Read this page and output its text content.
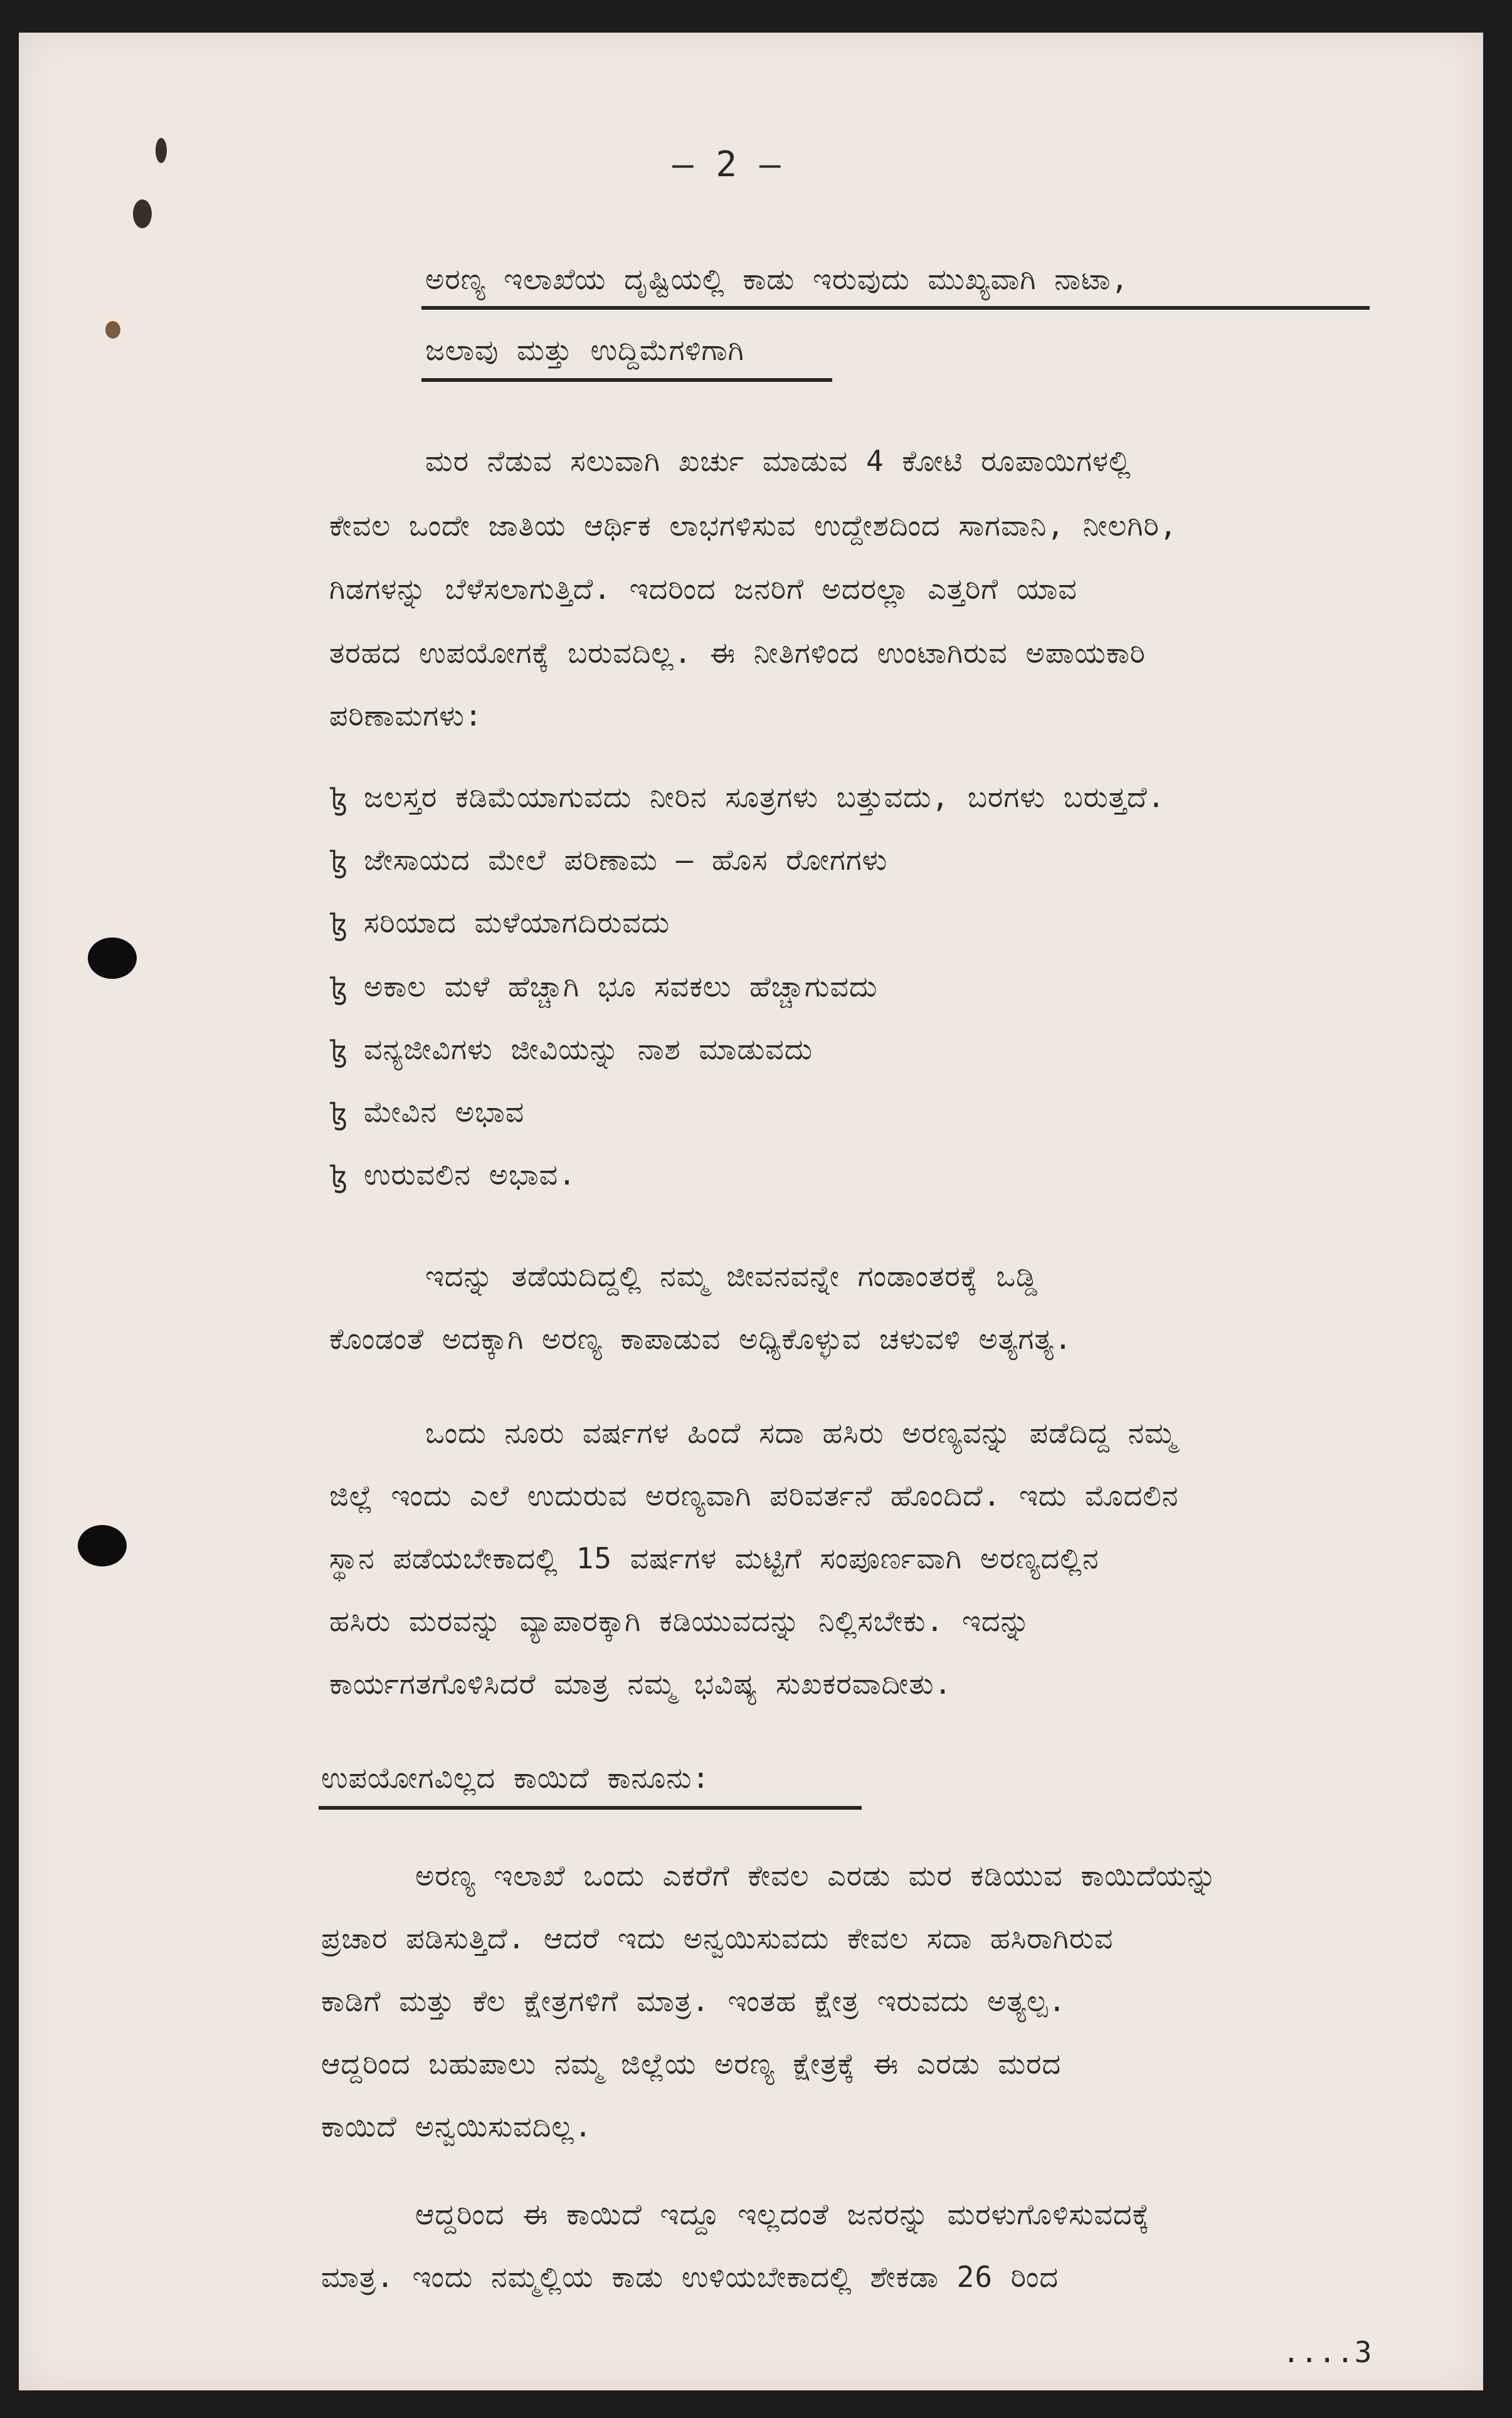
— 2 —
ಅರಣ್ಯ ಇಲಾಖೆಯ ದೃಷ್ಟಿಯಲ್ಲಿ ಕಾಡು ಇರುವುದು ಮುಖ್ಯವಾಗಿ ನಾಟಾ,
ಜಲಾವು ಮತ್ತು ಉದ್ದಿಮೆಗಳಿಗಾಗಿ
ಮರ ನೆಡುವ ಸಲುವಾಗಿ ಖರ್ಚು ಮಾಡುವ 4 ಕೋಟಿ ರೂಪಾಯಿಗಳಲ್ಲಿ
ಕೇವಲ ಒಂದೇ ಜಾತಿಯ ಆರ್ಥಿಕ ಲಾಭಗಳಿಸುವ ಉದ್ದೇಶದಿಂದ ಸಾಗವಾನಿ, ನೀಲಗಿರಿ,
ಗಿಡಗಳನ್ನು ಬೆಳೆಸಲಾಗುತ್ತಿದೆ. ಇದರಿಂದ ಜನರಿಗೆ ಅದರಲ್ಲಾ ಎತ್ತರಿಗೆ ಯಾವ
ತರಹದ ಉಪಯೋಗಕ್ಕೆ ಬರುವದಿಲ್ಲ. ಈ ನೀತಿಗಳಿಂದ ಉಂಟಾಗಿರುವ ಅಪಾಯಕಾರಿ
ಪರಿಣಾಮಗಳು:
ɮ ಜಲಸ್ತರ ಕಡಿಮೆಯಾಗುವದು ನೀರಿನ ಸೂತ್ರಗಳು ಬತ್ತುವದು, ಬರಗಳು ಬರುತ್ತದೆ.
ɮ ಜೇಸಾಯದ ಮೇಲೆ ಪರಿಣಾಮ — ಹೊಸ ರೋಗಗಳು
ɮ ಸರಿಯಾದ ಮಳೆಯಾಗದಿರುವದು
ɮ ಅಕಾಲ ಮಳೆ ಹೆಚ್ಚಾಗಿ ಭೂ ಸವಕಲು ಹೆಚ್ಚಾಗುವದು
ɮ ವನ್ಯಜೀವಿಗಳು ಜೀವಿಯನ್ನು ನಾಶ ಮಾಡುವದು
ɮ ಮೇವಿನ ಅಭಾವ
ɮ ಉರುವಲಿನ ಅಭಾವ.
ಇದನ್ನು ತಡೆಯದಿದ್ದಲ್ಲಿ ನಮ್ಮ ಜೀವನವನ್ನೇ ಗಂಡಾಂತರಕ್ಕೆ ಒಡ್ಡಿ
ಕೊಂಡಂತೆ ಅದಕ್ಕಾಗಿ ಅರಣ್ಯ ಕಾಪಾಡುವ ಅಧ್ಯಿಕೊಳ್ಳುವ ಚಳುವಳಿ ಅತ್ಯಗತ್ಯ.
ಒಂದು ನೂರು ವರ್ಷಗಳ ಹಿಂದೆ ಸದಾ ಹಸಿರು ಅರಣ್ಯವನ್ನು ಪಡೆದಿದ್ದ ನಮ್ಮ
ಜಿಲ್ಲೆ ಇಂದು ಎಲೆ ಉದುರುವ ಅರಣ್ಯವಾಗಿ ಪರಿವರ್ತನೆ ಹೊಂದಿದೆ. ಇದು ಮೊದಲಿನ
ಸ್ಥಾನ ಪಡೆಯಬೇಕಾದಲ್ಲಿ 15 ವರ್ಷಗಳ ಮಟ್ಟಿಗೆ ಸಂಪೂರ್ಣವಾಗಿ ಅರಣ್ಯದಲ್ಲಿನ
ಹಸಿರು ಮರವನ್ನು ವ್ಯಾಪಾರಕ್ಕಾಗಿ ಕಡಿಯುವದನ್ನು ನಿಲ್ಲಿಸಬೇಕು. ಇದನ್ನು
ಕಾರ್ಯಗತಗೊಳಿಸಿದರೆ ಮಾತ್ರ ನಮ್ಮ ಭವಿಷ್ಯ ಸುಖಕರವಾದೀತು.
ಉಪಯೋಗವಿಲ್ಲದ ಕಾಯಿದೆ ಕಾನೂನು:
ಅರಣ್ಯ ಇಲಾಖೆ ಒಂದು ಎಕರೆಗೆ ಕೇವಲ ಎರಡು ಮರ ಕಡಿಯುವ ಕಾಯಿದೆಯನ್ನು
ಪ್ರಚಾರ ಪಡಿಸುತ್ತಿದೆ. ಆದರೆ ಇದು ಅನ್ವಯಿಸುವದು ಕೇವಲ ಸದಾ ಹಸಿರಾಗಿರುವ
ಕಾಡಿಗೆ ಮತ್ತು ಕೆಲ ಕ್ಷೇತ್ರಗಳಿಗೆ ಮಾತ್ರ. ಇಂತಹ ಕ್ಷೇತ್ರ ಇರುವದು ಅತ್ಯಲ್ಪ.
ಆದ್ದರಿಂದ ಬಹುಪಾಲು ನಮ್ಮ ಜಿಲ್ಲೆಯ ಅರಣ್ಯ ಕ್ಷೇತ್ರಕ್ಕೆ ಈ ಎರಡು ಮರದ
ಕಾಯಿದೆ ಅನ್ವಯಿಸುವದಿಲ್ಲ.
ಆದ್ದರಿಂದ ಈ ಕಾಯಿದೆ ಇದ್ದೂ ಇಲ್ಲದಂತೆ ಜನರನ್ನು ಮರಳುಗೊಳಿಸುವದಕ್ಕೆ
ಮಾತ್ರ. ಇಂದು ನಮ್ಮಲ್ಲಿಯ ಕಾಡು ಉಳಿಯಬೇಕಾದಲ್ಲಿ ಶೇಕಡಾ 26 ರಿಂದ
....3
